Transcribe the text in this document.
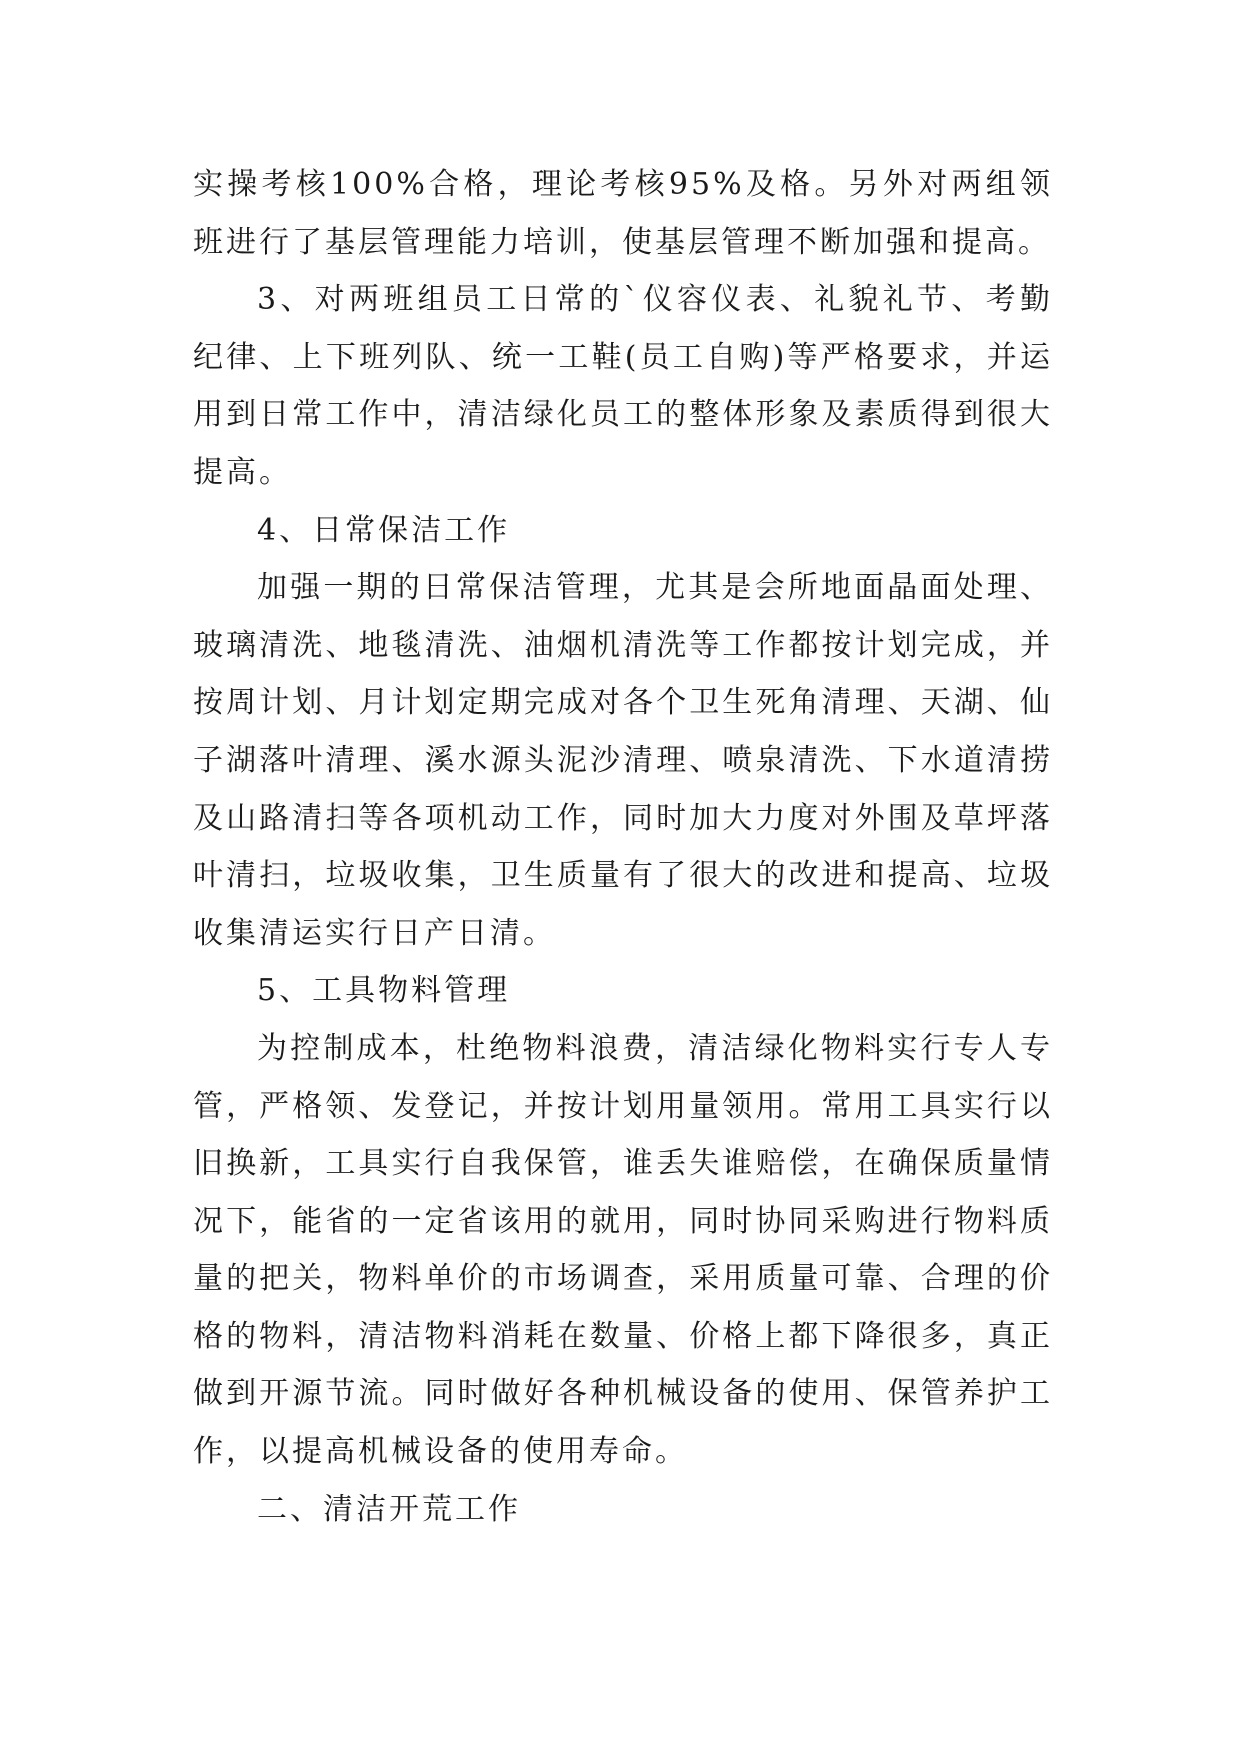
实操考核100%合格，理论考核95%及格。另外对两组领班进行了基层管理能力培训，使基层管理不断加强和提高。

3、对两班组员工日常的`仪容仪表、礼貌礼节、考勤纪律、上下班列队、统一工鞋(员工自购)等严格要求，并运用到日常工作中，清洁绿化员工的整体形象及素质得到很大提高。

4、日常保洁工作

加强一期的日常保洁管理，尤其是会所地面晶面处理、玻璃清洗、地毯清洗、油烟机清洗等工作都按计划完成，并按周计划、月计划定期完成对各个卫生死角清理、天湖、仙子湖落叶清理、溪水源头泥沙清理、喷泉清洗、下水道清捞及山路清扫等各项机动工作，同时加大力度对外围及草坪落叶清扫，垃圾收集，卫生质量有了很大的改进和提高、垃圾收集清运实行日产日清。

5、工具物料管理

为控制成本，杜绝物料浪费，清洁绿化物料实行专人专管，严格领、发登记，并按计划用量领用。常用工具实行以旧换新，工具实行自我保管，谁丢失谁赔偿，在确保质量情况下，能省的一定省该用的就用，同时协同采购进行物料质量的把关，物料单价的市场调查，采用质量可靠、合理的价格的物料，清洁物料消耗在数量、价格上都下降很多，真正做到开源节流。同时做好各种机械设备的使用、保管养护工作，以提高机械设备的使用寿命。

二、清洁开荒工作
